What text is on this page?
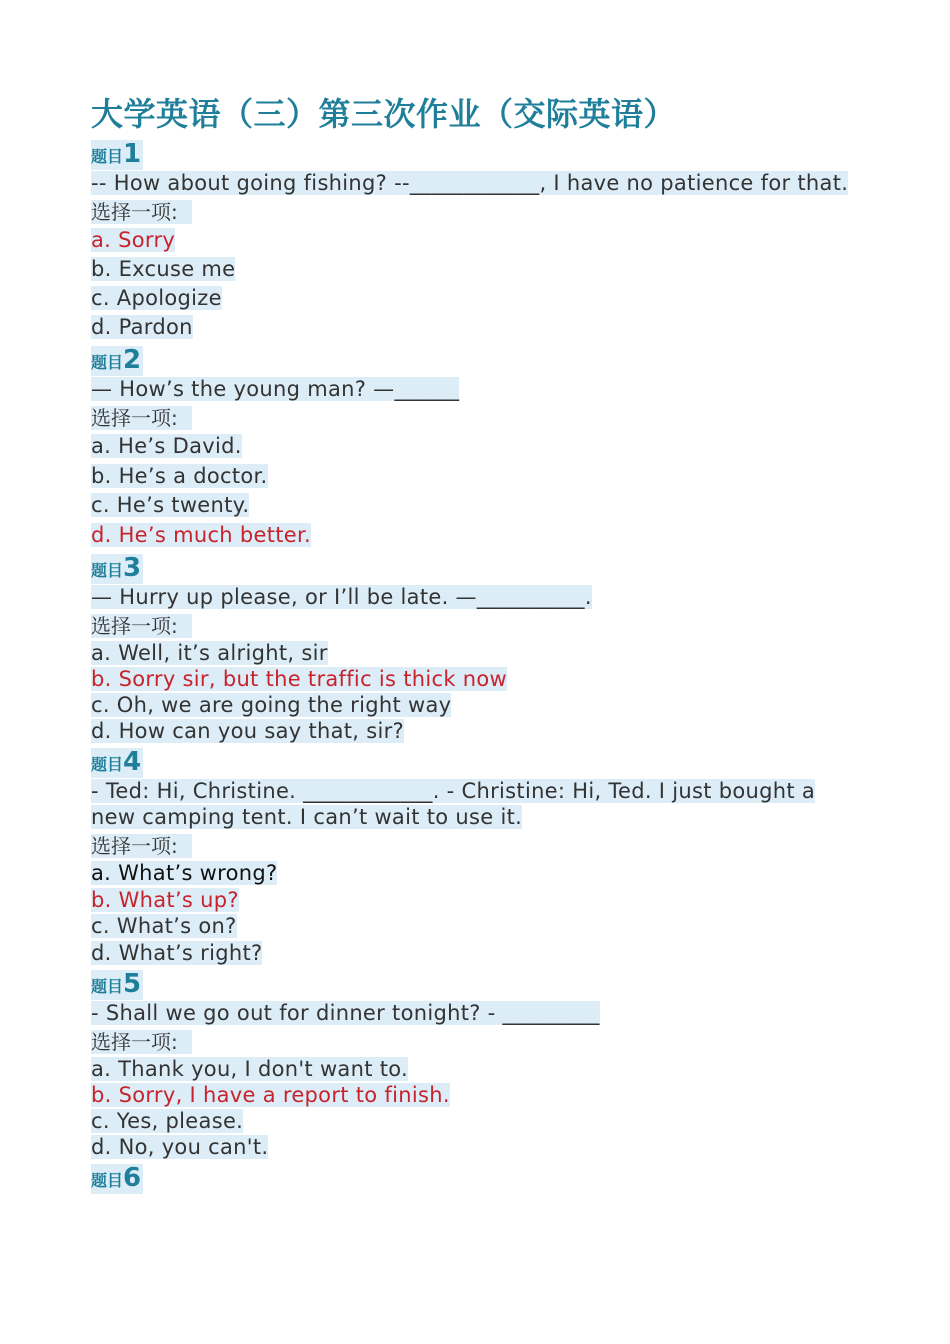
大学英语（三）第三次作业（交际英语）
题目1

-- How about going fishing? --____________, I have no patience for that.

选择一项:

a. Sorry

b. Excuse me

c. Apologize

d. Pardon

题目2

— How’s the young man? —______

选择一项:

a. He’s David.

b. He’s a doctor.

c. He’s twenty.

d. He’s much better.

题目3

— Hurry up please, or I’ll be late. —__________.

选择一项:

a. Well, it’s alright, sir

b. Sorry sir, but the traffic is thick now

c. Oh, we are going the right way

d. How can you say that, sir?

题目4

- Ted: Hi, Christine. ____________. - Christine: Hi, Ted. I just bought a new camping tent. I can’t wait to use it.

选择一项:

a. What’s wrong?

b. What’s up?

c. What’s on?

d. What’s right?

题目5

- Shall we go out for dinner tonight? - _________

选择一项:

a. Thank you, I don't want to.

b. Sorry, I have a report to finish.

c. Yes, please.

d. No, you can't.

题目6
